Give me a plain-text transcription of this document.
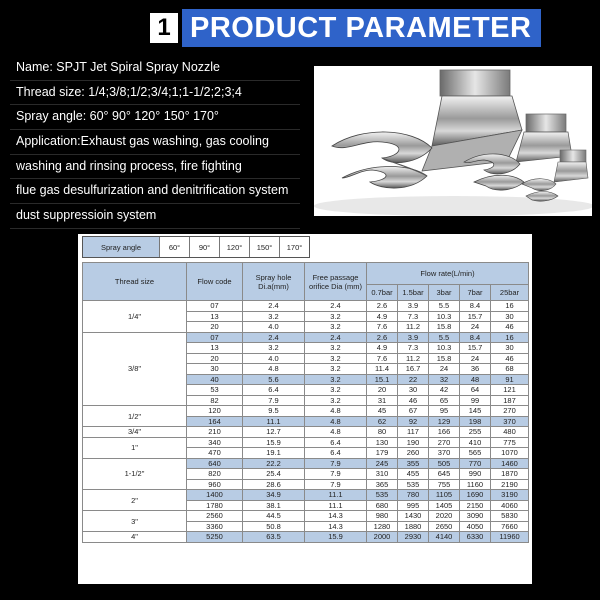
1 PRODUCT PARAMETER
Name: SPJT Jet Spiral Spray Nozzle
Thread size: 1/4;3/8;1/2;3/4;1;1-1/2;2;3;4
Spray angle: 60° 90° 120° 150° 170°
Application:Exhaust gas washing, gas cooling
washing and rinsing process, fire fighting
flue gas desulfurization and denitrification system
dust suppressioin system
Spray angle	60°	90°	120°	150°	170°
Thread size	Flow code	Spray hole Di.a(mm)	Free passage orifice Dia (mm)	Flow rate(L/min)				
				0.7bar	1.5bar	3bar	7bar	25bar
1/4"	07	2.4	2.4	2.6	3.9	5.5	8.4	16
	13	3.2	3.2	4.9	7.3	10.3	15.7	30
	20	4.0	3.2	7.6	11.2	15.8	24	46
3/8"	07	2.4	2.4	2.6	3.9	5.5	8.4	16
	13	3.2	3.2	4.9	7.3	10.3	15.7	30
	20	4.0	3.2	7.6	11.2	15.8	24	46
	30	4.8	3.2	11.4	16.7	24	36	68
	40	5.6	3.2	15.1	22	32	48	91
	53	6.4	3.2	20	30	42	64	121
	82	7.9	3.2	31	46	65	99	187
1/2"	120	9.5	4.8	45	67	95	145	270
	164	11.1	4.8	62	92	129	198	370
3/4"	210	12.7	4.8	80	117	166	255	480
1"	340	15.9	6.4	130	190	270	410	775
	470	19.1	6.4	179	260	370	565	1070
1-1/2"	640	22.2	7.9	245	355	505	770	1460
	820	25.4	7.9	310	455	645	990	1870
	960	28.6	7.9	365	535	755	1160	2190
2"	1400	34.9	11.1	535	780	1105	1690	3190
	1780	38.1	11.1	680	995	1405	2150	4060
3"	2560	44.5	14.3	980	1430	2020	3090	5830
	3360	50.8	14.3	1280	1880	2650	4050	7660
4"	5250	63.5	15.9	2000	2930	4140	6330	11960
